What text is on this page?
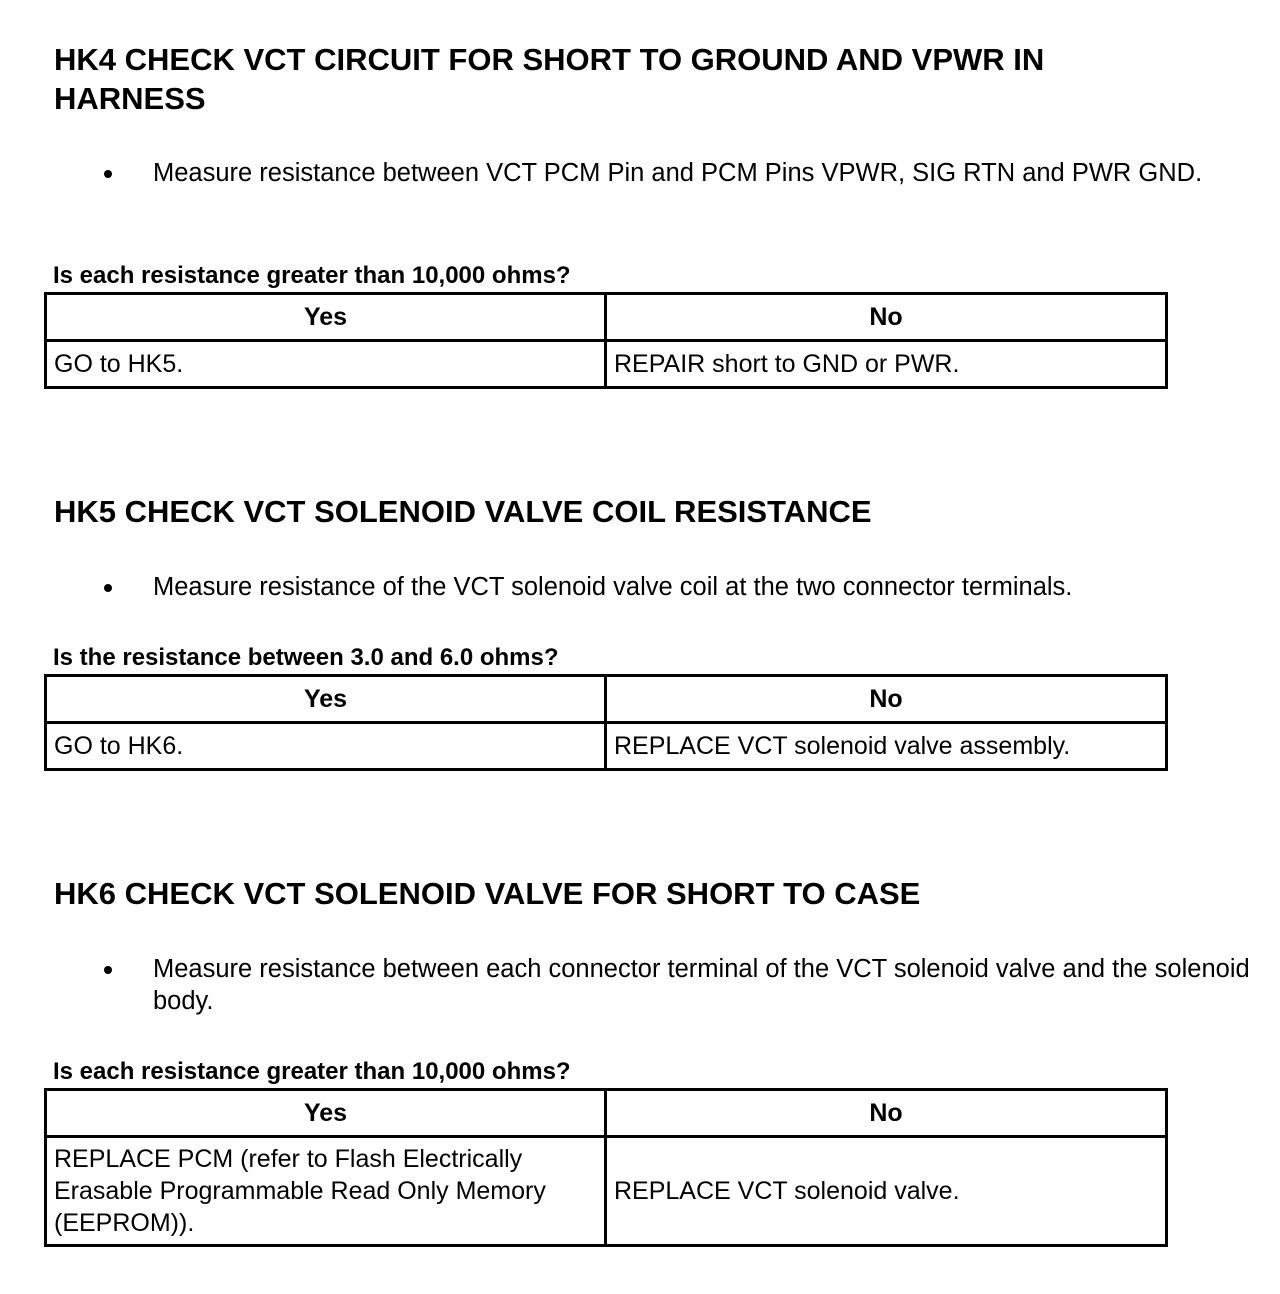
HK4 CHECK VCT CIRCUIT FOR SHORT TO GROUND AND VPWR IN HARNESS

Measure resistance between VCT PCM Pin and PCM Pins VPWR, SIG RTN and PWR GND.

Is each resistance greater than 10,000 ohms?

Yes	No
GO to HK5.	REPAIR short to GND or PWR.
HK5 CHECK VCT SOLENOID VALVE COIL RESISTANCE

Measure resistance of the VCT solenoid valve coil at the two connector terminals.

Is the resistance between 3.0 and 6.0 ohms?

Yes	No
GO to HK6.	REPLACE VCT solenoid valve assembly.
HK6 CHECK VCT SOLENOID VALVE FOR SHORT TO CASE

Measure resistance between each connector terminal of the VCT solenoid valve and the solenoid body.

Is each resistance greater than 10,000 ohms?

Yes	No
REPLACE PCM (refer to Flash Electrically Erasable Programmable Read Only Memory (EEPROM)).	REPLACE VCT solenoid valve.
